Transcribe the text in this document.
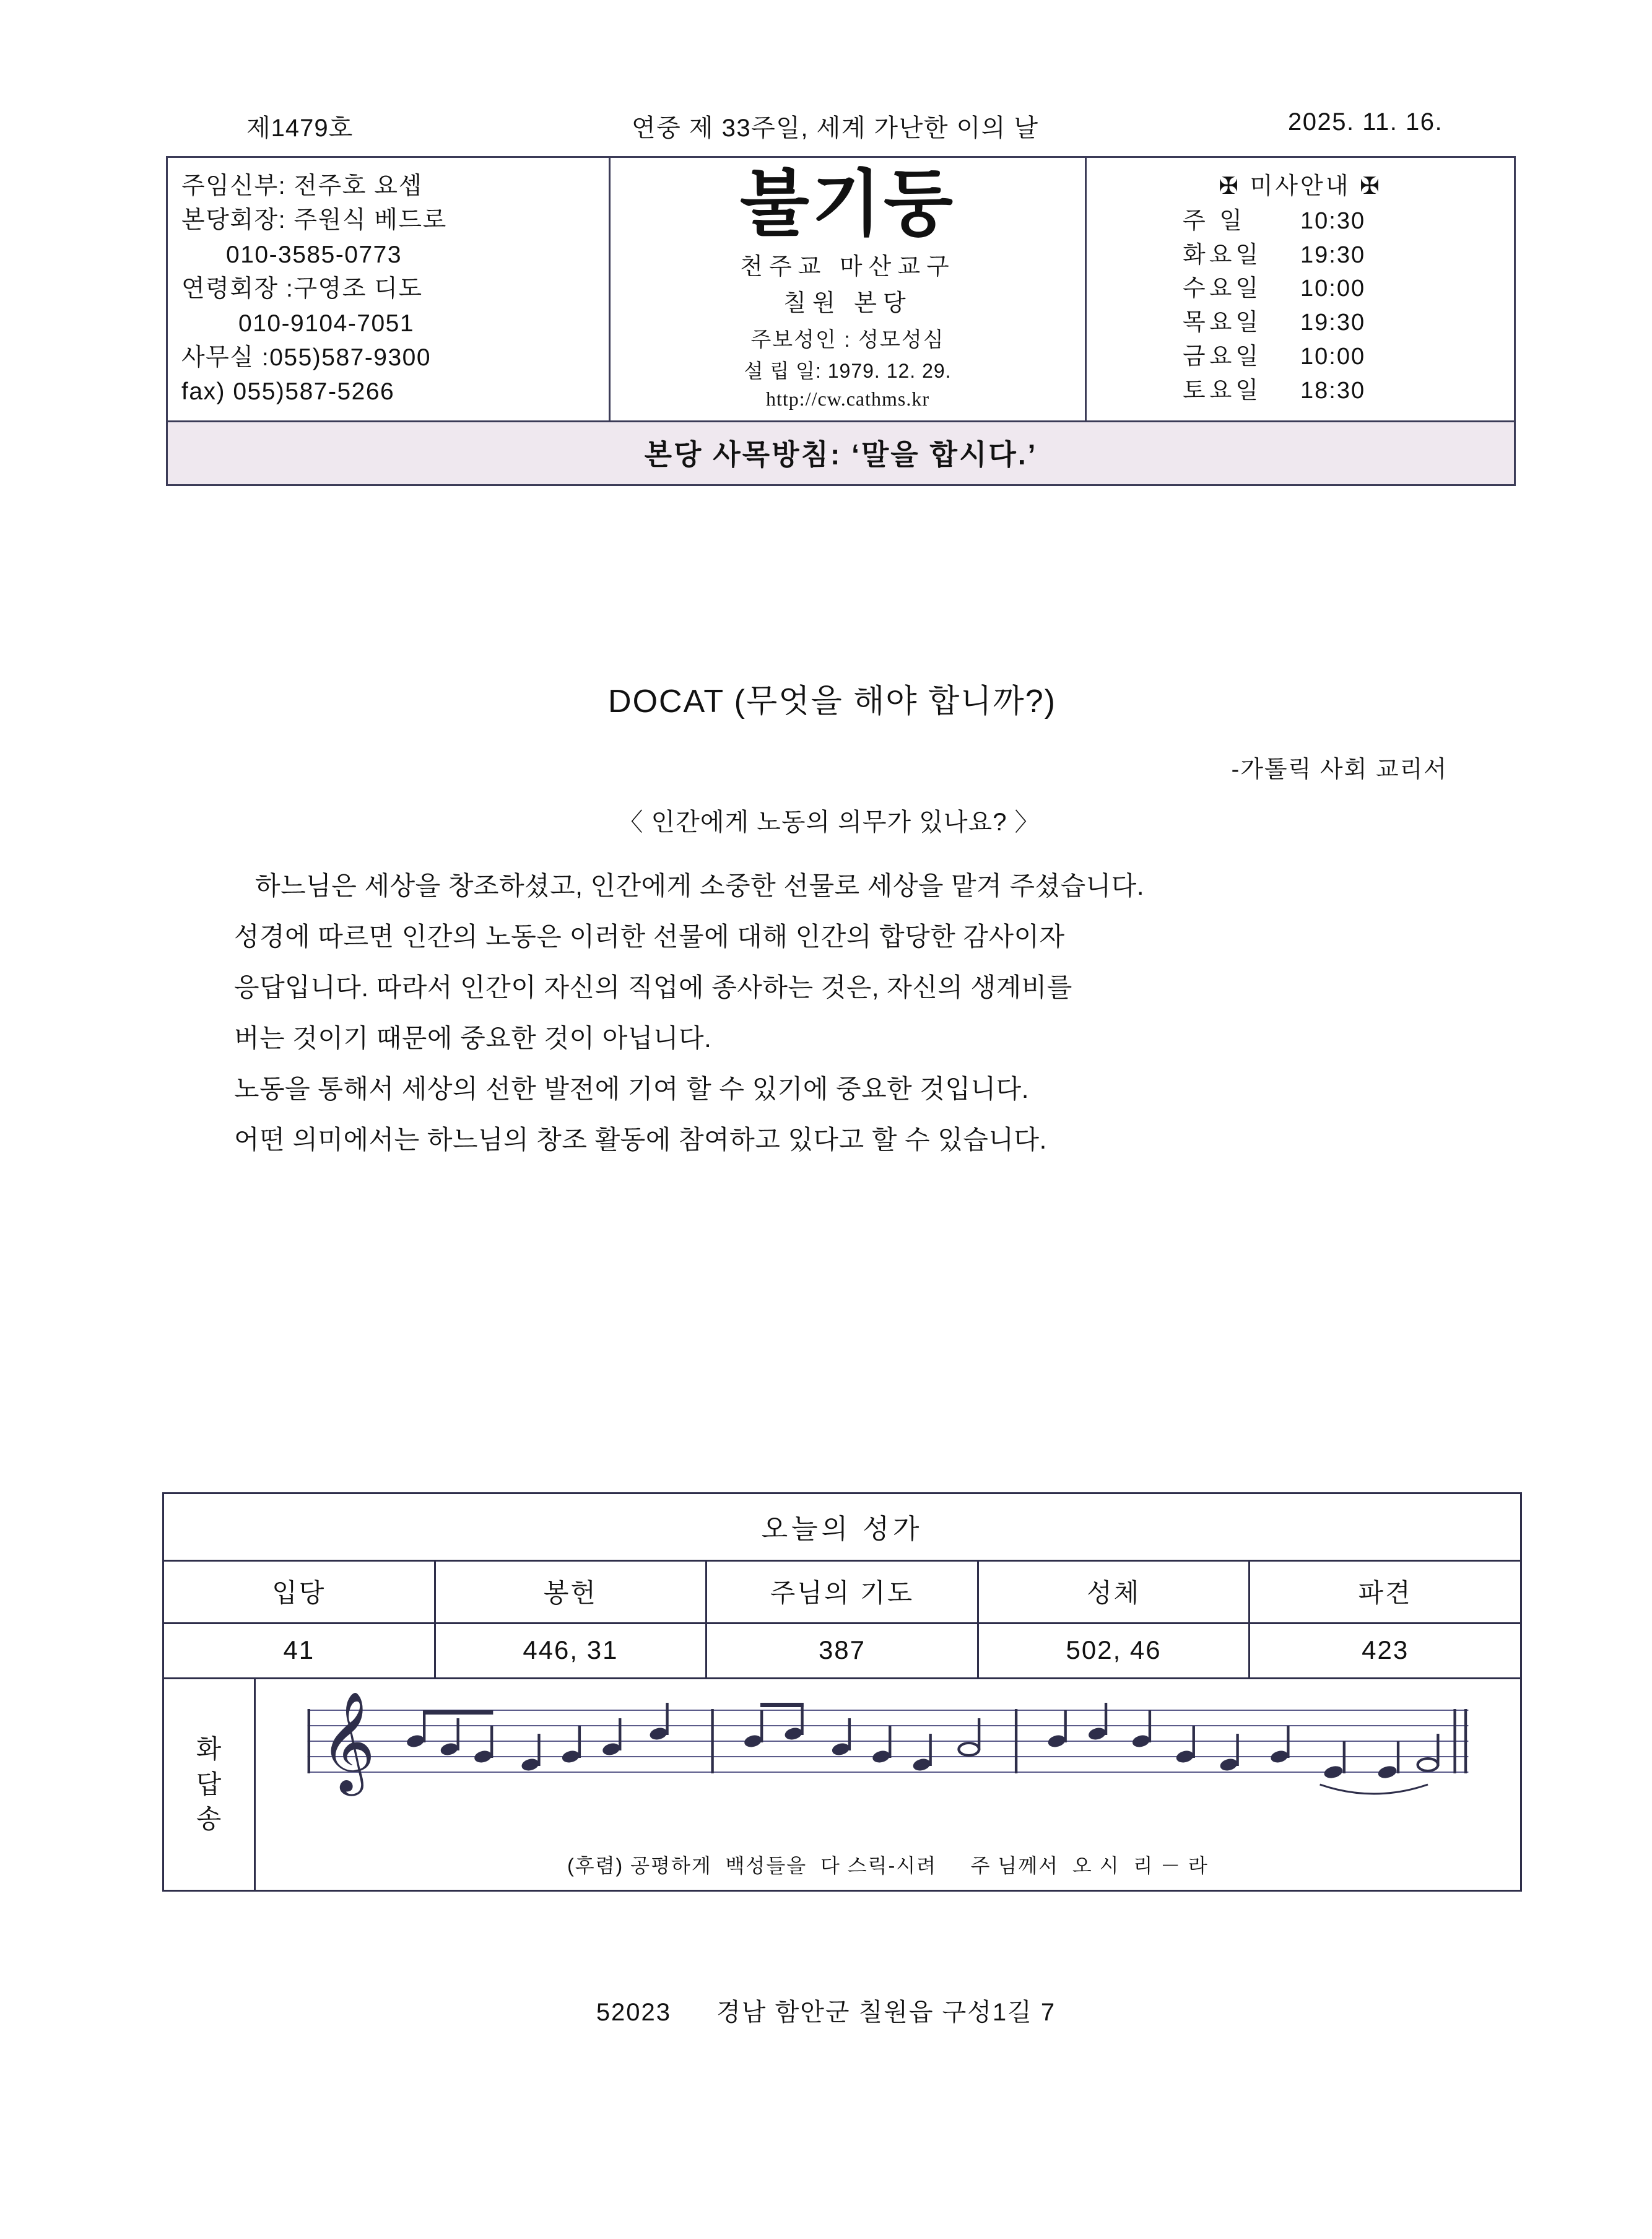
제1479호	연중 제 33주일, 세계 가난한 이의 날	2025. 11. 16.
주임신부: 전주호 요셉
본당회장: 주원식 베드로
010-3585-0773
연령회장 :구영조 디도
010-9104-7051
사무실 :055)587-9300
fax) 055)587-5266
불기둥
천주교 마산교구
칠원 본당
주보성인 : 성모성심
설 립 일: 1979. 12. 29.
http://cw.cathms.kr
✠ 미사안내 ✠
주 일	10:30
화요일	19:30
수요일	10:00
목요일	19:30
금요일	10:00
토요일	18:30
본당 사목방침: ‘말을 합시다.’
DOCAT (무엇을 해야 합니까?)
-가톨릭 사회 교리서
〈 인간에게 노동의 의무가 있나요? 〉

하느님은 세상을 창조하셨고, 인간에게 소중한 선물로 세상을 맡겨 주셨습니다.

성경에 따르면 인간의 노동은 이러한 선물에 대해 인간의 합당한 감사이자

응답입니다. 따라서 인간이 자신의 직업에 종사하는 것은, 자신의 생계비를

버는 것이기 때문에 중요한 것이 아닙니다.

노동을 통해서 세상의 선한 발전에 기여 할 수 있기에 중요한 것입니다.

어떤 의미에서는 하느님의 창조 활동에 참여하고 있다고 할 수 있습니다.

오늘의 성가
입당	봉헌	주님의 기도	성체	파견
41	446, 31	387	502, 46	423
화
답
송
𝄞
(후렴) 공평하게  백성들을  다 스릭-시려     주 님께서  오 시  리 － 라
52023 경남 함안군 칠원읍 구성1길 7
